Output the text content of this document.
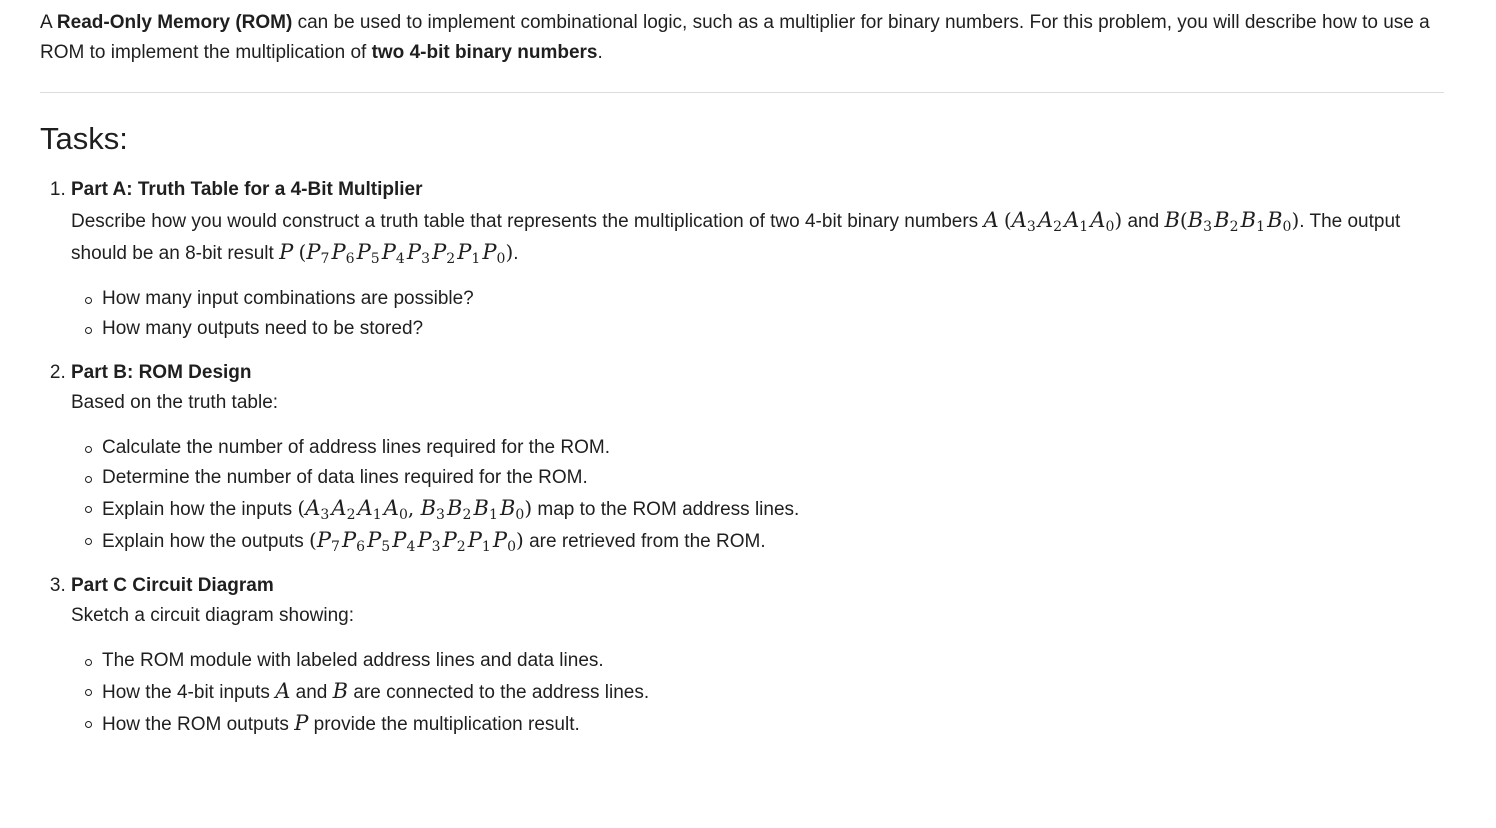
A Read-Only Memory (ROM) can be used to implement combinational logic, such as a multiplier for binary numbers. For this problem, you will describe how to use a ROM to implement the multiplication of two 4-bit binary numbers.

Tasks:
1. Part A: Truth Table for a 4-Bit Multiplier
Describe how you would construct a truth table that represents the multiplication of two 4-bit binary numbers A ($A_3$ $A_2$ $A_1$ $A_0$) and $B(B_3$ $B_2$ $B_1$ $B_0$). The output should be an 8-bit result P ($P_7$ $P_6$ $P_5$ $P_4$ $P_3$ $P_2$ $P_1$ $P_0$).
How many input combinations are possible?
How many outputs need to be stored?
2. Part B: ROM Design
Based on the truth table:
Calculate the number of address lines required for the ROM.
Determine the number of data lines required for the ROM.
Explain how the inputs ($A_3$ $A_2$ $A_1$ $A_0$, $B_3$ $B_2$ $B_1$ $B_0$) map to the ROM address lines.
Explain how the outputs ($P_7$ $P_6$ $P_5$ $P_4$ $P_3$ $P_2$ $P_1$ $P_0$) are retrieved from the ROM.
3. Part C Circuit Diagram
Sketch a circuit diagram showing:
The ROM module with labeled address lines and data lines.
How the 4-bit inputs A and B are connected to the address lines.
How the ROM outputs P provide the multiplication result.
